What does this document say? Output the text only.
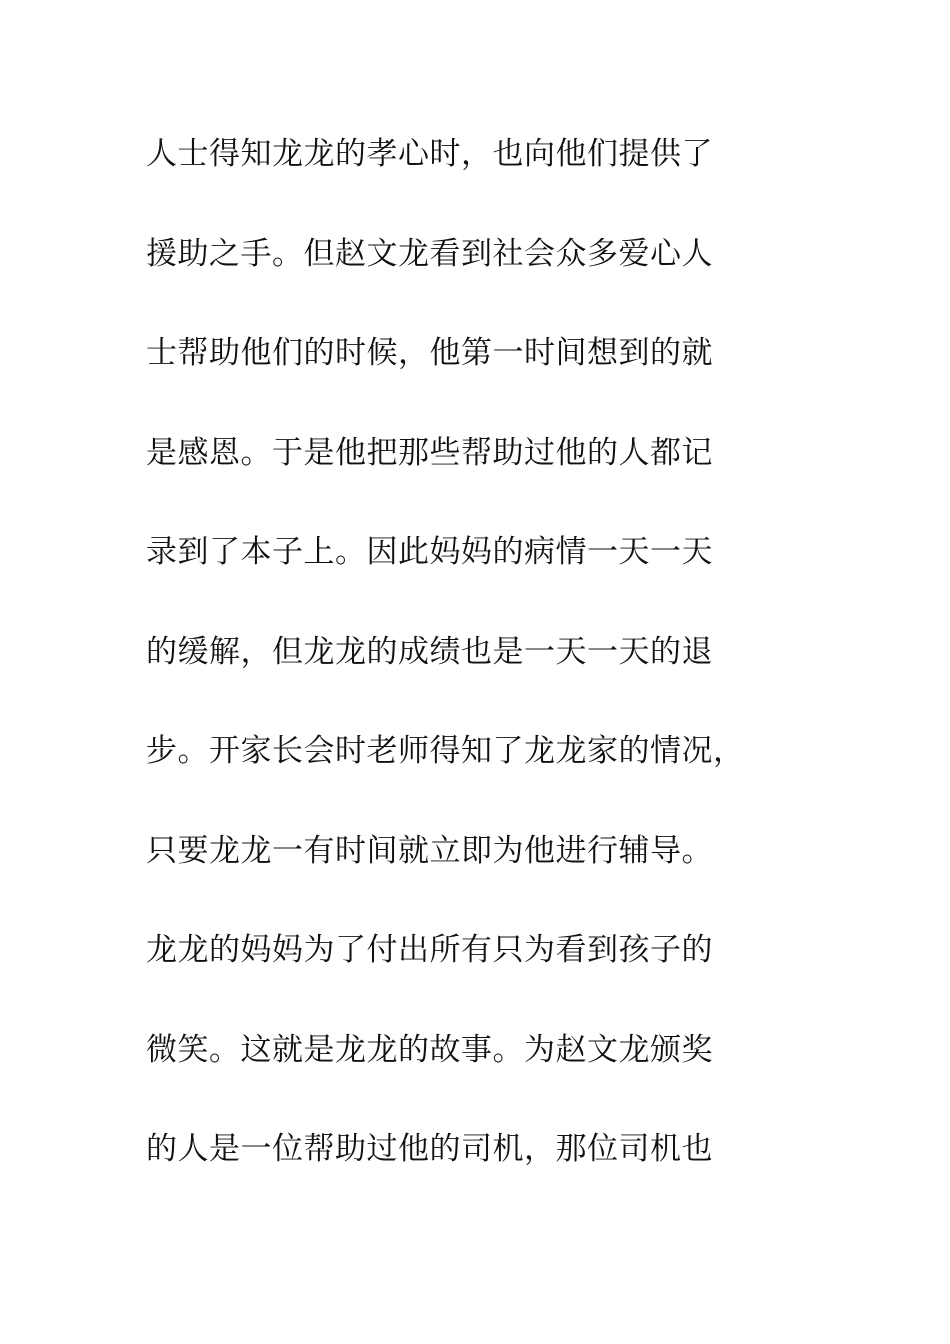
人士得知龙龙的孝心时，也向他们提供了
援助之手。但赵文龙看到社会众多爱心人
士帮助他们的时候，他第一时间想到的就
是感恩。于是他把那些帮助过他的人都记
录到了本子上。因此妈妈的病情一天一天
的缓解，但龙龙的成绩也是一天一天的退
步。开家长会时老师得知了龙龙家的情况，
只要龙龙一有时间就立即为他进行辅导。
龙龙的妈妈为了付出所有只为看到孩子的
微笑。这就是龙龙的故事。为赵文龙颁奖
的人是一位帮助过他的司机，那位司机也
